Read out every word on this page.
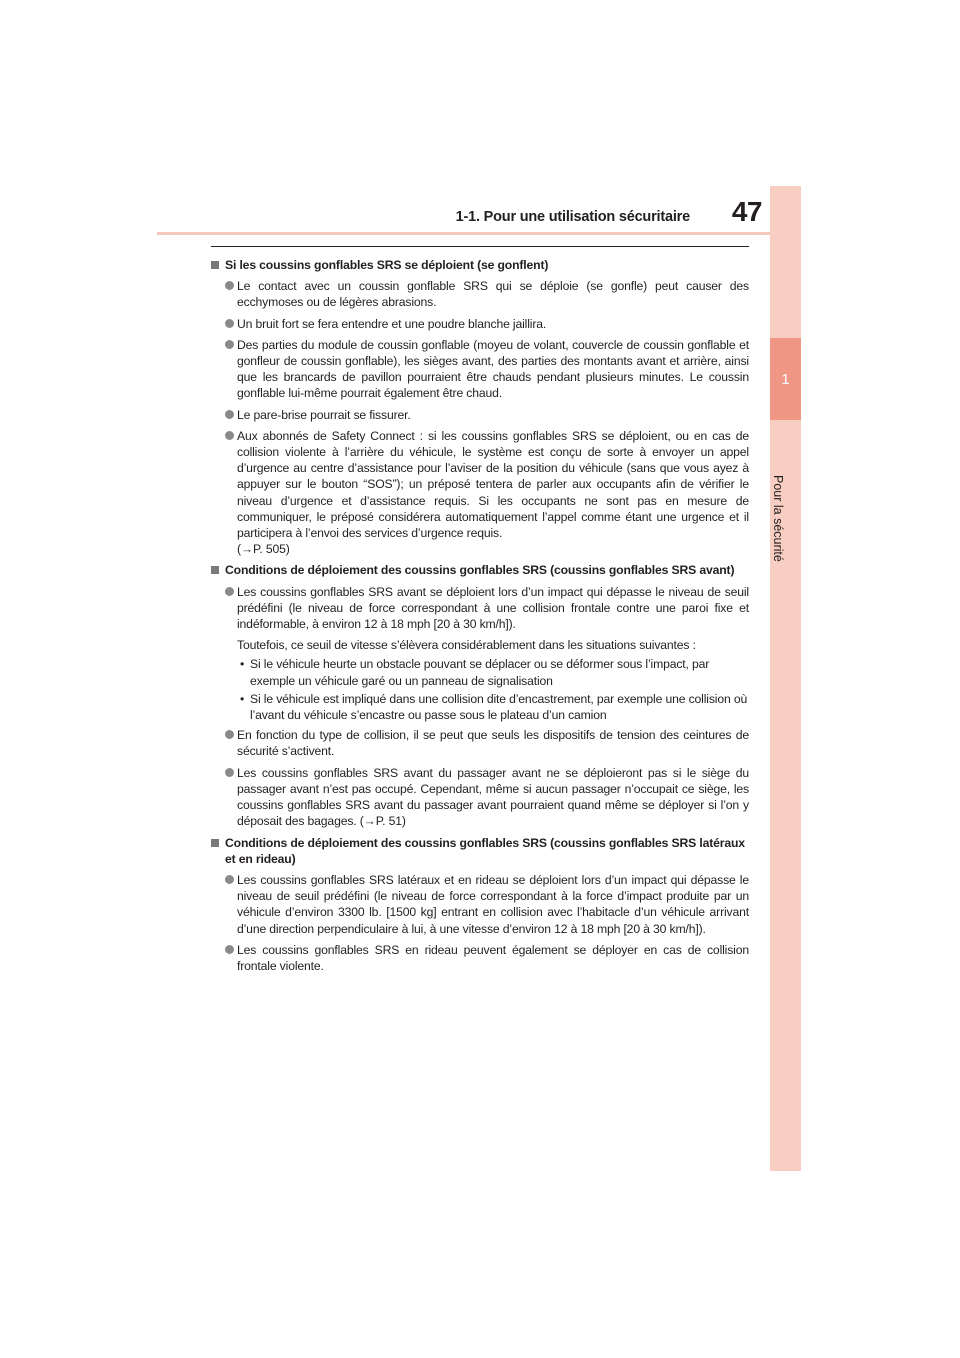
1-1. Pour une utilisation sécuritaire	47
1
Pour la sécurité
Si les coussins gonflables SRS se déploient (se gonflent)
Le contact avec un coussin gonflable SRS qui se déploie (se gonfle) peut causer des ecchymoses ou de légères abrasions.
Un bruit fort se fera entendre et une poudre blanche jaillira.
Des parties du module de coussin gonflable (moyeu de volant, couvercle de coussin gonflable et gonfleur de coussin gonflable), les sièges avant, des parties des montants avant et arrière, ainsi que les brancards de pavillon pourraient être chauds pendant plusieurs minutes. Le coussin gonflable lui-même pourrait également être chaud.
Le pare-brise pourrait se fissurer.
Aux abonnés de Safety Connect : si les coussins gonflables SRS se déploient, ou en cas de collision violente à l’arrière du véhicule, le système est conçu de sorte à envoyer un appel d’urgence au centre d’assistance pour l’aviser de la position du véhicule (sans que vous ayez à appuyer sur le bouton “SOS”); un préposé tentera de parler aux occupants afin de vérifier le niveau d’urgence et d’assistance requis. Si les occupants ne sont pas en mesure de communiquer, le préposé considérera automatiquement l’appel comme étant une urgence et il participera à l’envoi des services d’urgence requis.
(→P. 505)
Conditions de déploiement des coussins gonflables SRS (coussins gonflables SRS avant)
Les coussins gonflables SRS avant se déploient lors d’un impact qui dépasse le niveau de seuil prédéfini (le niveau de force correspondant à une collision frontale contre une paroi fixe et indéformable, à environ 12 à 18 mph [20 à 30 km/h]).
Toutefois, ce seuil de vitesse s’élèvera considérablement dans les situations suivantes :
• Si le véhicule heurte un obstacle pouvant se déplacer ou se déformer sous l’impact, par exemple un véhicule garé ou un panneau de signalisation
• Si le véhicule est impliqué dans une collision dite d’encastrement, par exemple une collision où l’avant du véhicule s’encastre ou passe sous le plateau d’un camion
En fonction du type de collision, il se peut que seuls les dispositifs de tension des ceintures de sécurité s’activent.
Les coussins gonflables SRS avant du passager avant ne se déploieront pas si le siège du passager avant n’est pas occupé. Cependant, même si aucun passager n’occupait ce siège, les coussins gonflables SRS avant du passager avant pourraient quand même se déployer si l’on y déposait des bagages. (→P. 51)
Conditions de déploiement des coussins gonflables SRS (coussins gonflables SRS latéraux et en rideau)
Les coussins gonflables SRS latéraux et en rideau se déploient lors d’un impact qui dépasse le niveau de seuil prédéfini (le niveau de force correspondant à la force d’impact produite par un véhicule d’environ 3300 lb. [1500 kg] entrant en collision avec l’habitacle d’un véhicule arrivant d’une direction perpendiculaire à lui, à une vitesse d’environ 12 à 18 mph [20 à 30 km/h]).
Les coussins gonflables SRS en rideau peuvent également se déployer en cas de collision frontale violente.
